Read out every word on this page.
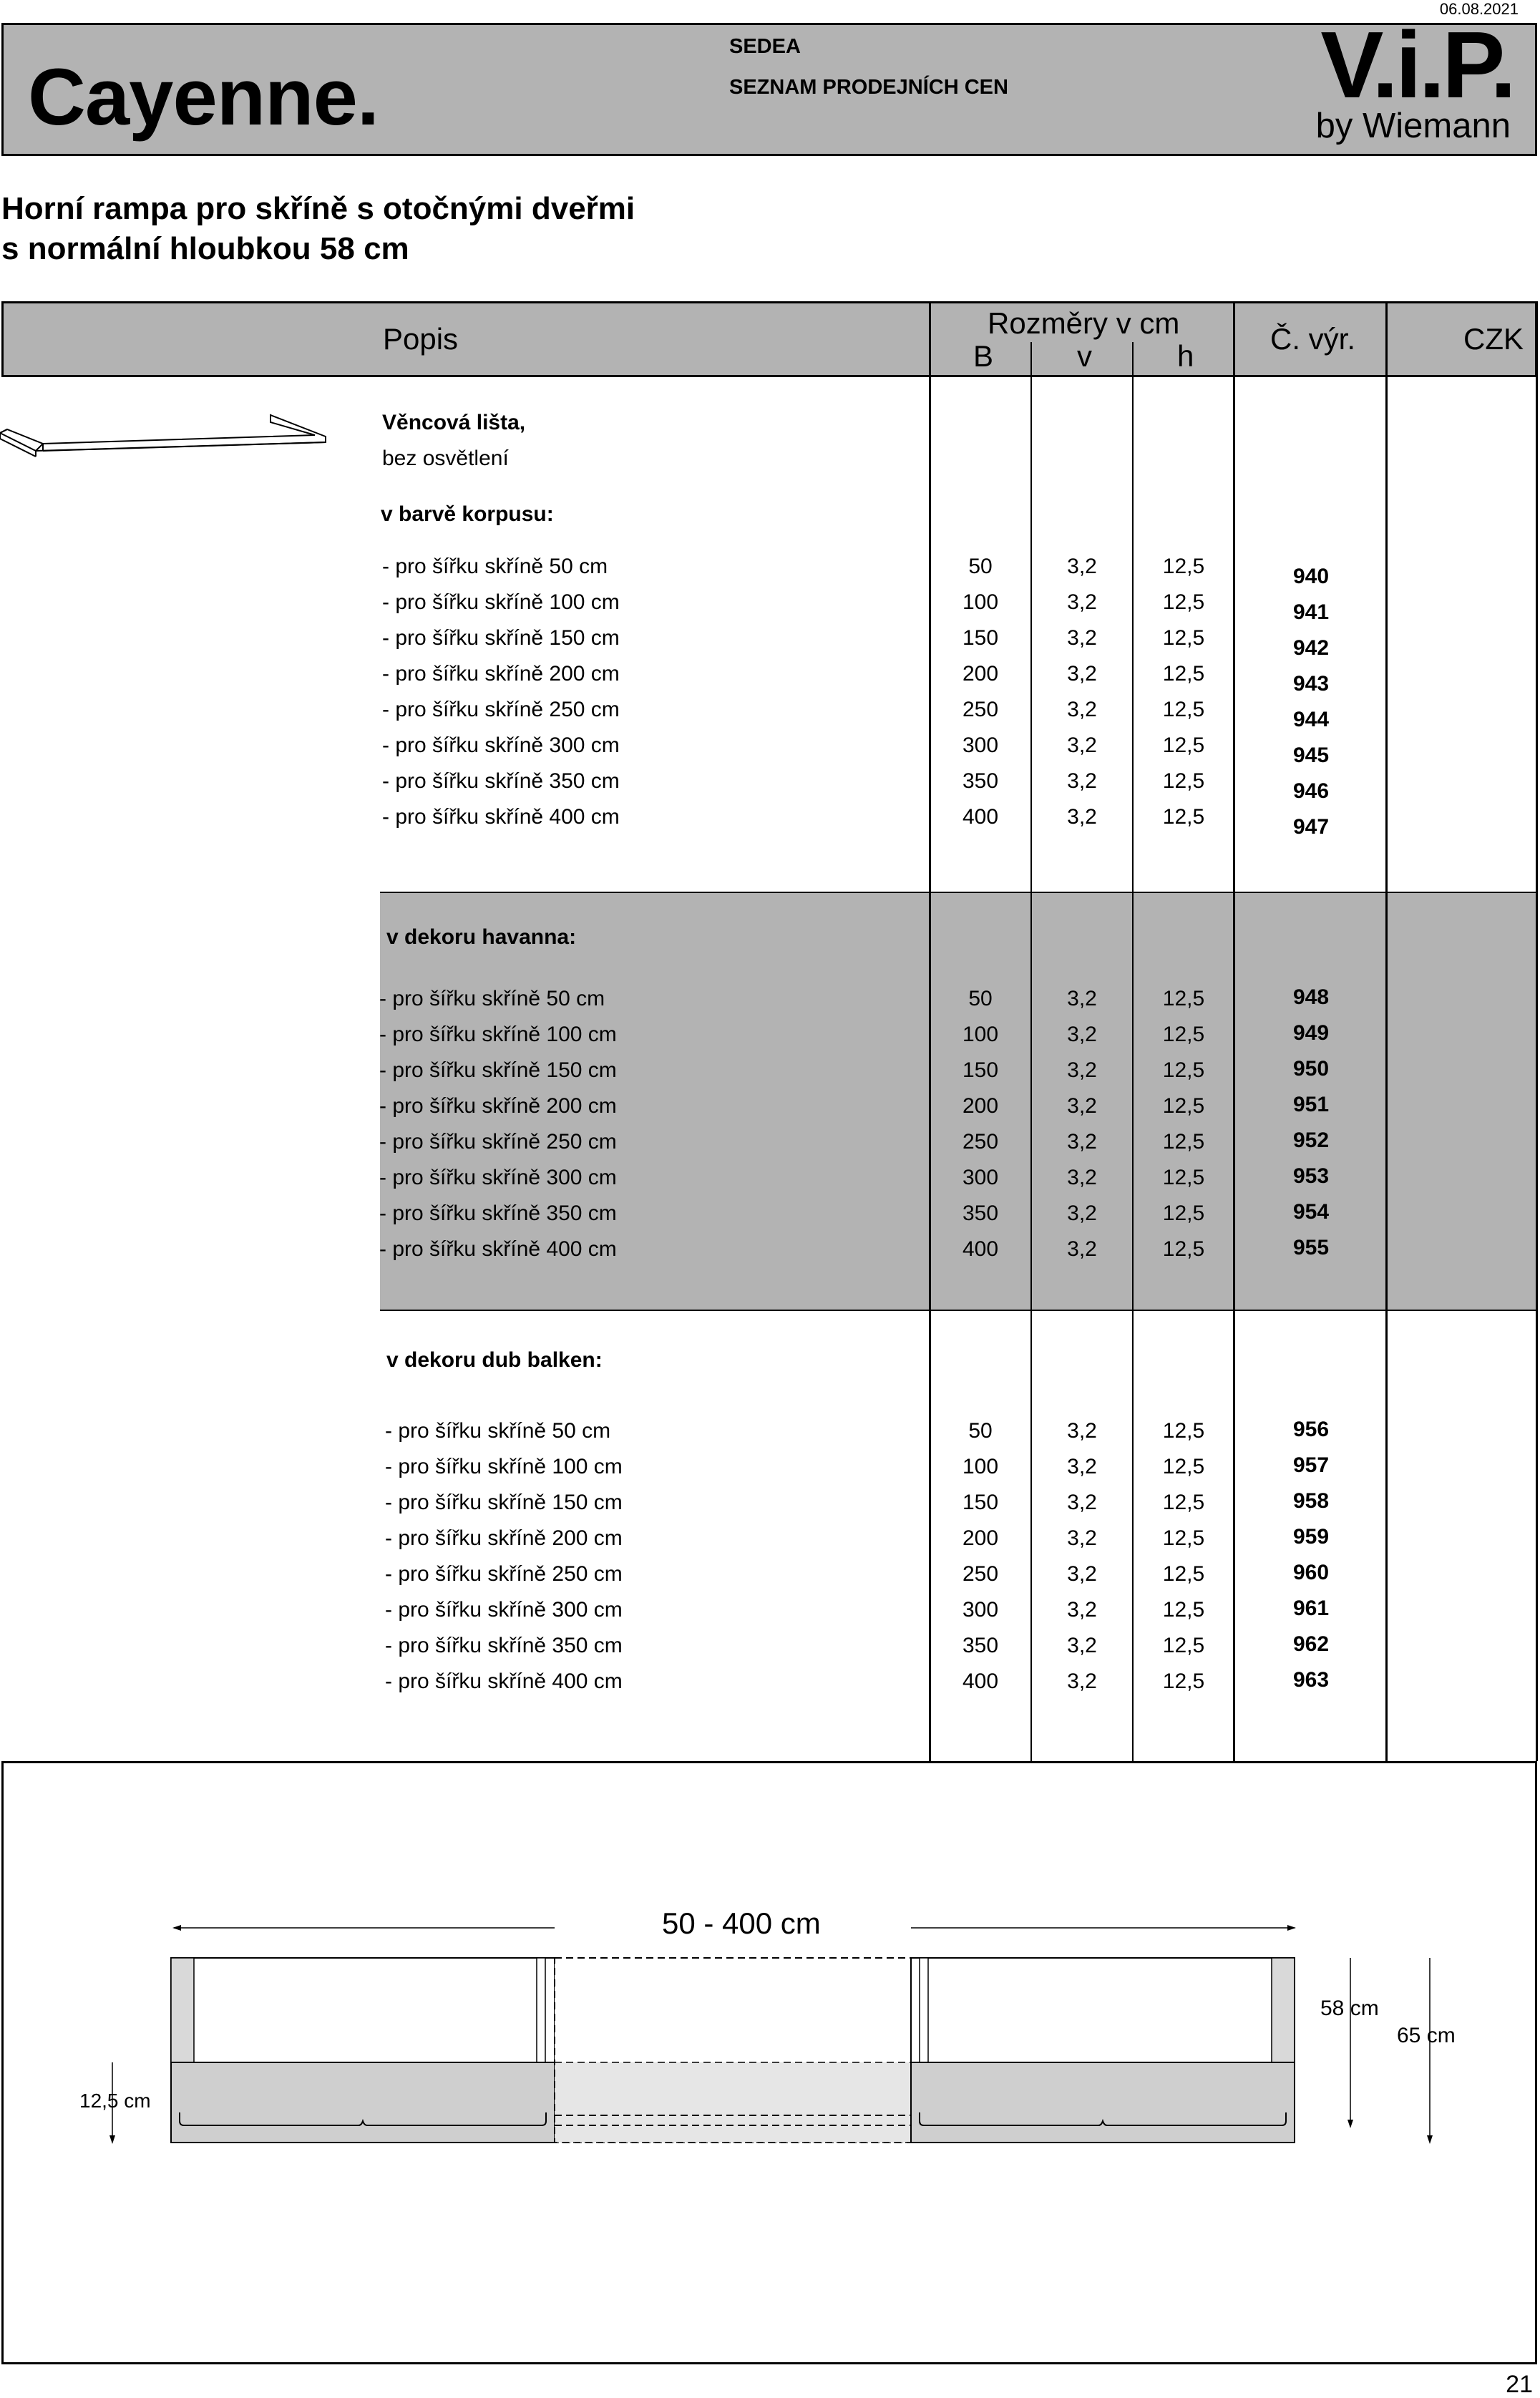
06.08.2021
Cayenne.
SEDEA
SEZNAM PRODEJNÍCH CEN	V.i.P.
by Wiemann
Horní rampa pro skříně s otočnými dveřmi
s normální hloubkou 58 cm
Popis	Rozměry v cm
B	v	h
Č. výr.	CZK
Věncová lišta,
bez osvětlení
v barvě korpusu:
v dekoru havanna:
v dekoru dub balken:
- pro šířku skříně 50 cm	50	3,2	12,5	940
- pro šířku skříně 100 cm	100	3,2	12,5	941
- pro šířku skříně 150 cm	150	3,2	12,5	942
- pro šířku skříně 200 cm	200	3,2	12,5	943
- pro šířku skříně 250 cm	250	3,2	12,5	944
- pro šířku skříně 300 cm	300	3,2	12,5	945
- pro šířku skříně 350 cm	350	3,2	12,5	946
- pro šířku skříně 400 cm	400	3,2	12,5	947
- pro šířku skříně 50 cm	50	3,2	12,5	948
- pro šířku skříně 100 cm	100	3,2	12,5	949
- pro šířku skříně 150 cm	150	3,2	12,5	950
- pro šířku skříně 200 cm	200	3,2	12,5	951
- pro šířku skříně 250 cm	250	3,2	12,5	952
- pro šířku skříně 300 cm	300	3,2	12,5	953
- pro šířku skříně 350 cm	350	3,2	12,5	954
- pro šířku skříně 400 cm	400	3,2	12,5	955
- pro šířku skříně 50 cm	50	3,2	12,5	956
- pro šířku skříně 100 cm	100	3,2	12,5	957
- pro šířku skříně 150 cm	150	3,2	12,5	958
- pro šířku skříně 200 cm	200	3,2	12,5	959
- pro šířku skříně 250 cm	250	3,2	12,5	960
- pro šířku skříně 300 cm	300	3,2	12,5	961
- pro šířku skříně 350 cm	350	3,2	12,5	962
- pro šířku skříně 400 cm	400	3,2	12,5	963
50 - 400 cm
58 cm
65 cm
12,5 cm
21
